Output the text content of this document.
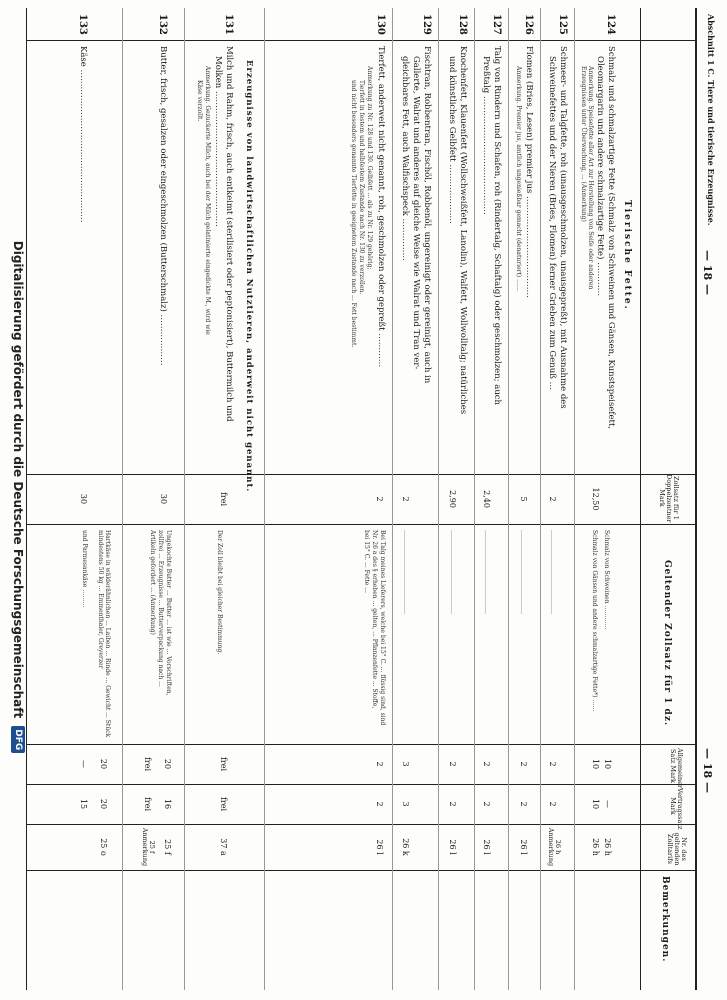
Abschnitt 1 C. Tiere und tierische Erzeugnisse.
— 18 —
— 18 —
Zollsatz für 1 Doppelzentner Mark
Geltender Zollsatz für 1 dz.
Allgemeiner Satz Mark
Vertragssatz Mark
Nr. des geltenden Zolltarifs
Bemerkungen.
Tierische Fette.
Erzeugnisse von landwirtschaftlichen Nutztieren, anderweit nicht genannt.
124
Schmalz und schmalzartige Fette (Schmalz von Schweinen und Gänsen, Kunstspeisefett,
Oleomargarin und andere schmalzartige Fette) …………
Anmerkung. Speisefette aller Art zur Herstellung von Seife oder anderen
Erzeugnissen unter Überwachung, ... (Anmerkung)
12,50
Schmalz von Schweinen …………
Schmalz von Gänsen und andere schmalzartige Fette*) ……
10
10
—
10
26 h
26 h
125
Schmeer- und Talgfette, roh (unausgeschmolzen, unausgepreßt), mit Ausnahme des
Schweinefettes und der Nieren (Bries, Flomen) ferner Grieben zum Genuß …
2
……………………………………
2
2
26 h Anmerkung
126
Flomen (Bries, Lesen) premier jus ………………………………
Anmerkung. Premier jus, amtlich ungenießbar gemacht (denaturiert) ……
5
……………………………………
2
2
26 l
127
Talg von Rindern und Schafen, roh (Rindertalg, Schaftalg) oder geschmolzen; auch
Preßtalg ……………………………………
2,40
……………………………………
2
2
26 l
128
Knochenfett, Klauenfett (Wollschweißfett, Lanolin), Walfett, Wollwolltalg; natürliches
und künstliches Gelbfett …………………
2,90
……………………………………
2
2
26 l
129
Fischtran, Robbentran, Fischöl, Robbenöl, ungereinigt oder gereinigt, auch in
Gallerte, Walrat und anderes auf gleiche Weise wie Walrat und Tran ver-
gleichbares Fett, auch Walfischspeck ……………
2
……………………………………
3
3
26 k
130
Tierfett, anderweit nicht genannt, roh, geschmolzen oder gepreßt …………
Anmerkung zu Nr. 128 und 130. Gelbfett ... als zu Nr. 129 gehörig;
Tierfett in festem und halbfestem Zustande nach Nr. 130 zu verzollen.
und nicht besonders genannte Tierfette in geeignetem Zustande nach ... Fett bestimmt.
2
Bei Talg meines Lieferers, welche bei 15° C. ... flüssig sind, sind
Nr. 26 a des § erheben ... gelten, ... Pflanzenfette ... Stoffe,
bei 15° C. ... Fette ...
2
2
26 l
131
Milch und Rahm, frisch, auch entkeimt (sterilisiert oder peptonisiert), Buttermilch und
Molken …………………………………………
Anmerkung. Gezuckerte Milch, auch bei der Milch gelatinierte eingedickte M., wird wie
Käse verzollt.
frei
Der Zoll bleibt bei gleicher Bestimmung.
frei
frei
37 a
132
Butter, frisch, gesalzen oder eingeschmolzen (Butterschmalz) ………………
30
Ungekochte Butter ... Butter ... ist wie ... Vorschriften,
zollfrei ... Erzeugnisse ... Butterverpackung nach ...
Artikeln gefordert ... (Anmerkung)
20
frei
16
frei
25 f
25 f Anmerkung
133
Käse ………………………………………………
30
Hartkäse in wälderähnlichen ... Laiben ... Rinde ... Gewicht ... Stück mindestens 50 kg ... Emmenthaler, Greyerzer
und Parmesankäse ………
20
—
20
15
25 o
Digitalisierung gefördert durch die Deutsche Forschungsgemeinschaft
DFG
